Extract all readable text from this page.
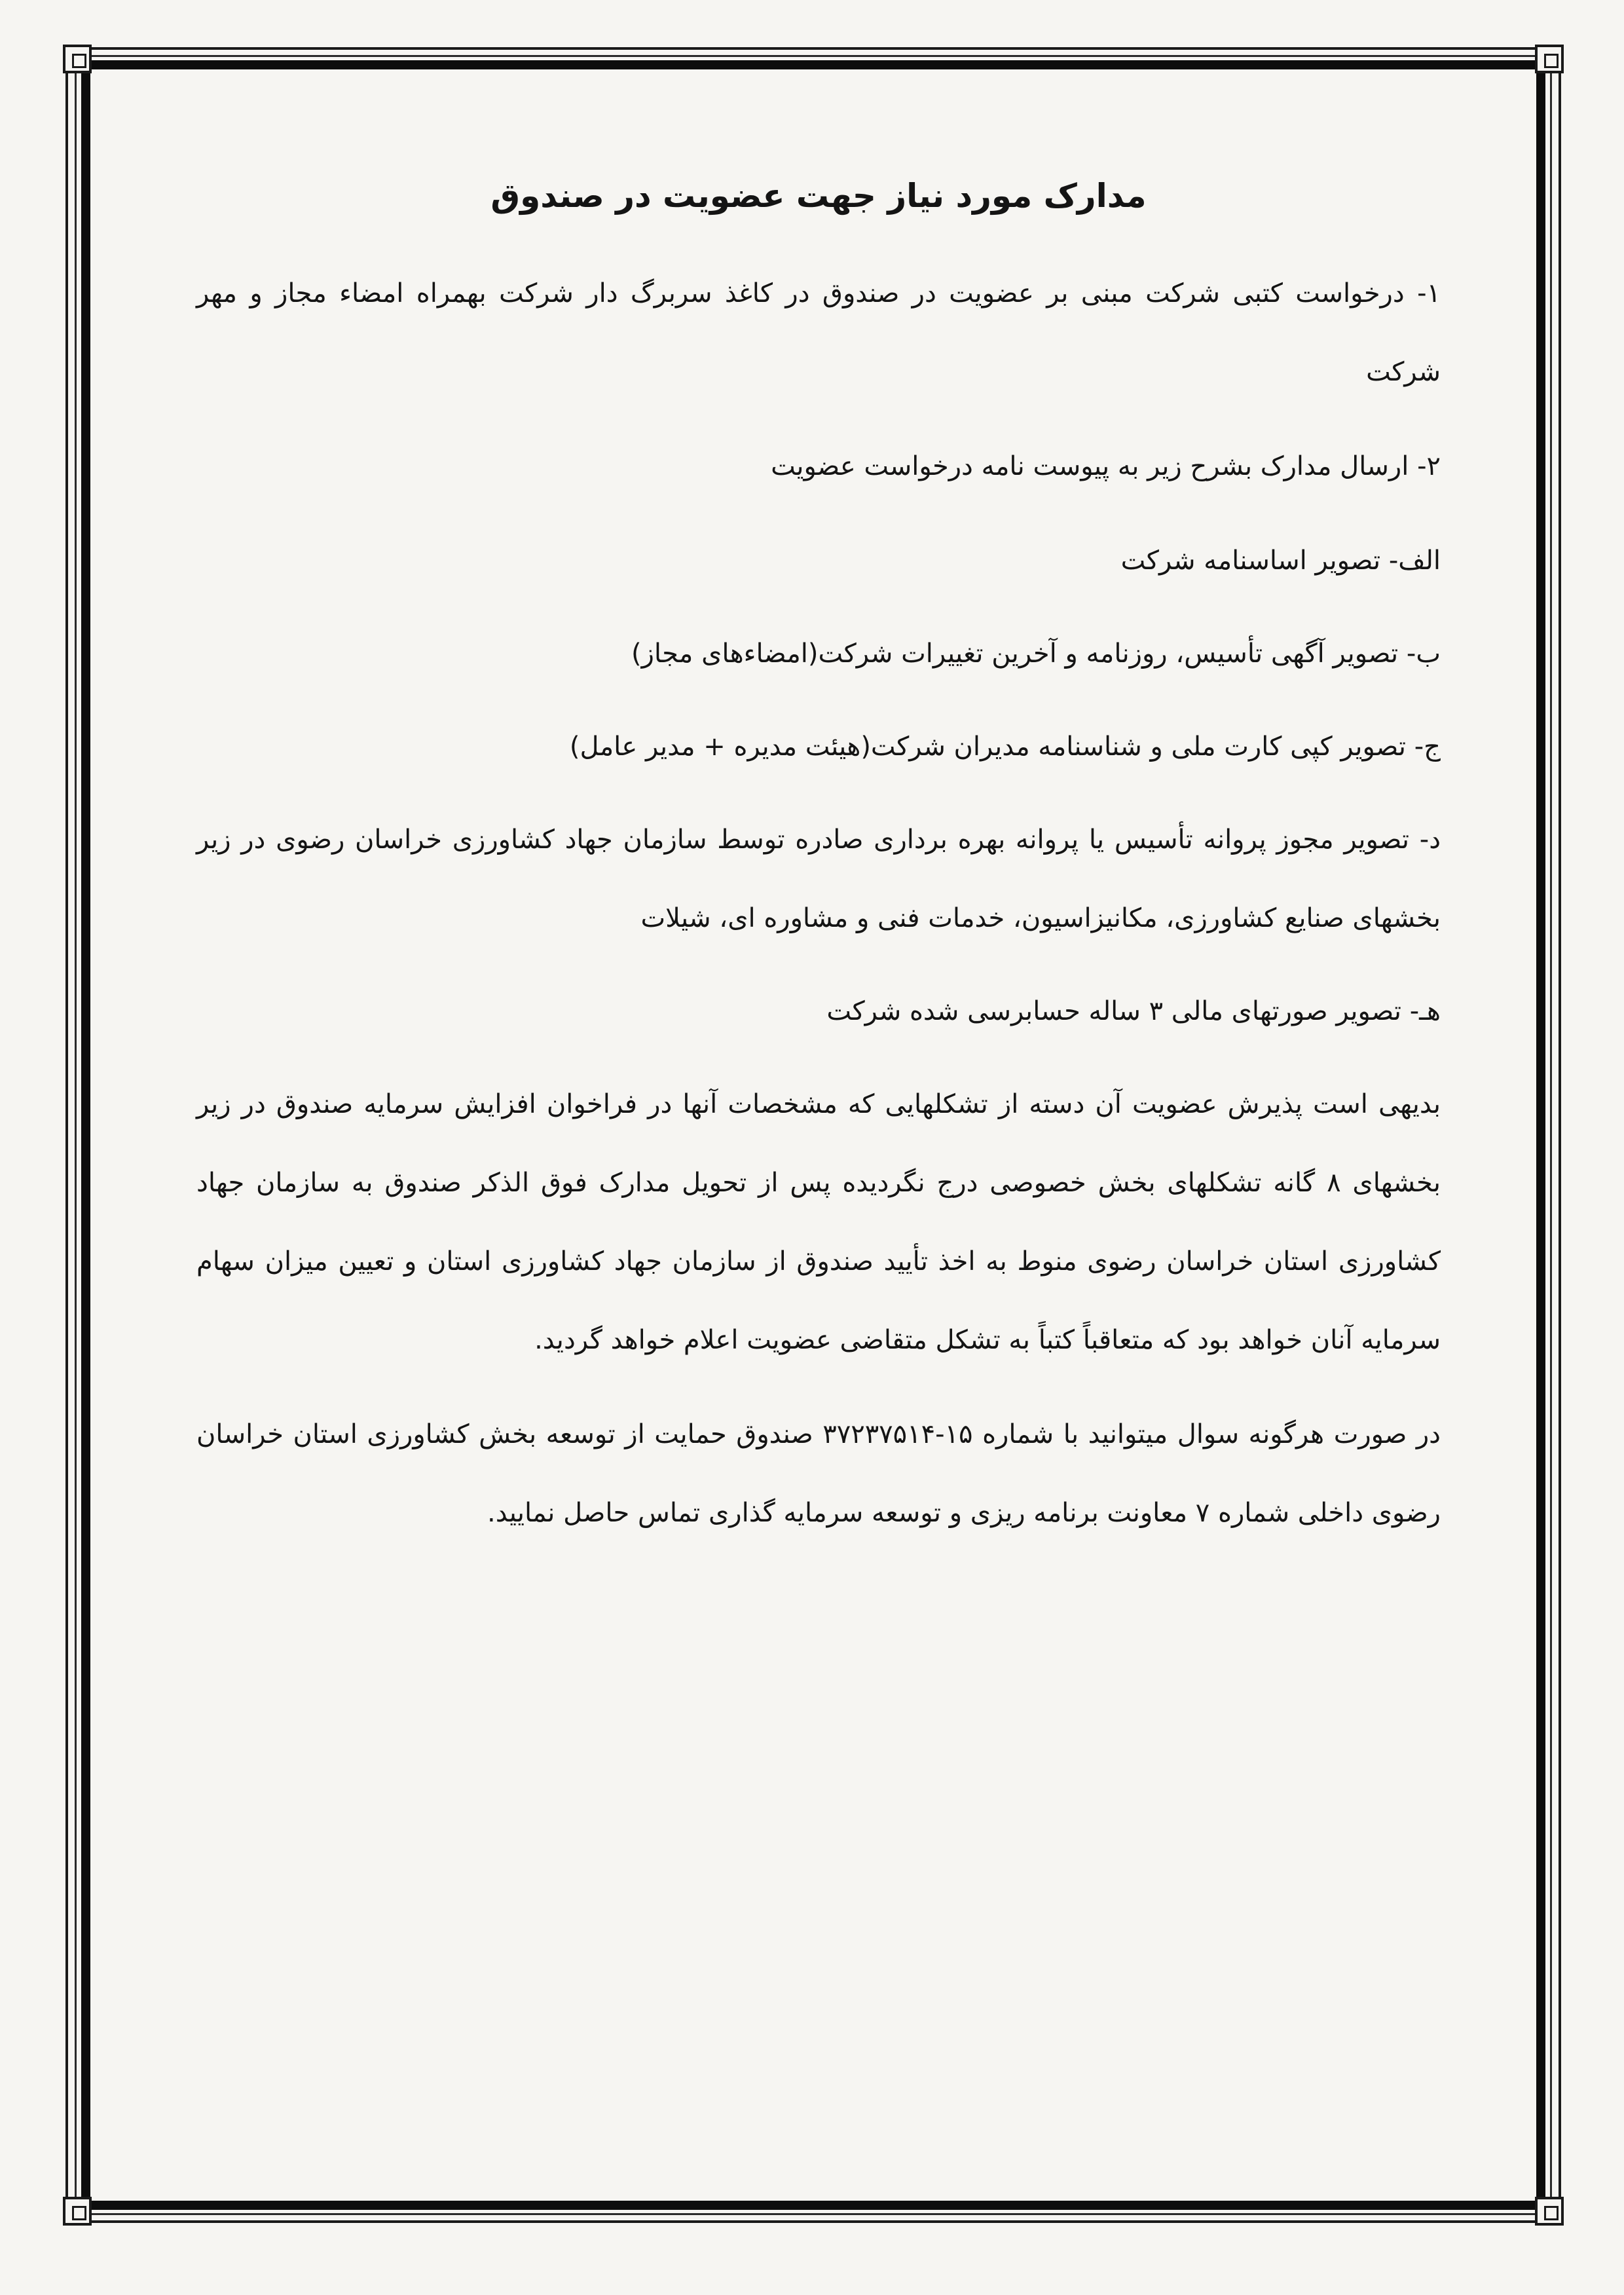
مدارک مورد نیاز جهت عضویت در صندوق

۱- درخواست کتبی شرکت مبنی بر عضویت در صندوق در کاغذ سربرگ دار شرکت بهمراه امضاء مجاز و مهر شرکت

۲- ارسال مدارک بشرح زیر به پیوست نامه درخواست عضویت

الف- تصویر اساسنامه شرکت

ب- تصویر آگهی تأسیس، روزنامه و آخرین تغییرات شرکت(امضاءهای مجاز)

ج- تصویر کپی کارت ملی و شناسنامه مدیران شرکت(هیئت مدیره + مدیر عامل)

د- تصویر مجوز پروانه تأسیس یا پروانه بهره برداری صادره توسط سازمان جهاد کشاورزی خراسان رضوی در زیر بخشهای صنایع کشاورزی، مکانیزاسیون، خدمات فنی و مشاوره ای، شیلات

هـ- تصویر صورتهای مالی ۳ ساله حسابرسی شده شرکت

بدیهی است پذیرش عضویت آن دسته از تشکلهایی که مشخصات آنها در فراخوان افزایش سرمایه صندوق در زیر بخشهای ۸ گانه تشکلهای بخش خصوصی درج نگردیده پس از تحویل مدارک فوق الذکر صندوق به سازمان جهاد کشاورزی استان خراسان رضوی منوط به اخذ تأیید صندوق از سازمان جهاد کشاورزی استان و تعیین میزان سهام سرمایه آنان خواهد بود که متعاقباً کتباً به تشکل متقاضی عضویت اعلام خواهد گردید.

در صورت هرگونه سوال میتوانید با شماره ۱۵-۳۷۲۳۷۵۱۴ صندوق حمایت از توسعه بخش کشاورزی استان خراسان رضوی داخلی شماره ۷ معاونت برنامه ریزی و توسعه سرمایه گذاری تماس حاصل نمایید.
